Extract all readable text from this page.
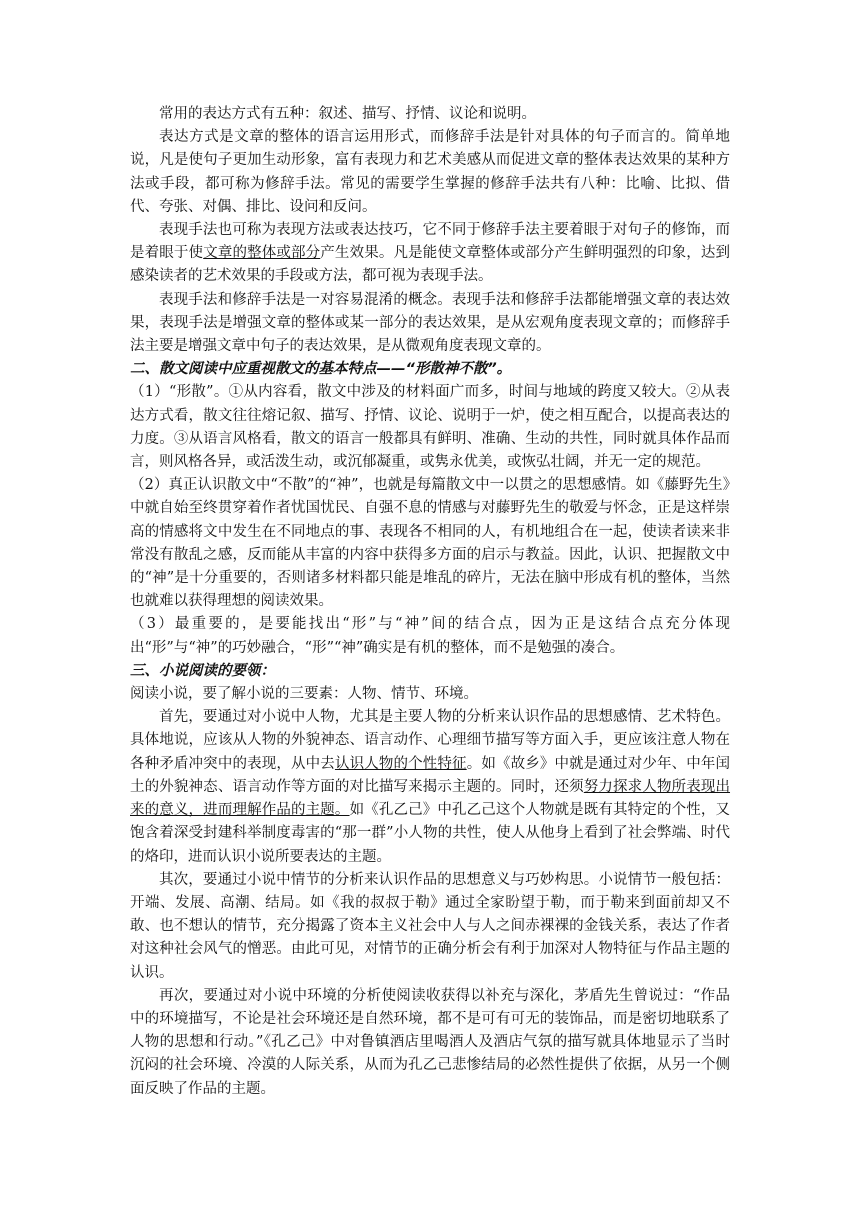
常用的表达方式有五种：叙述、描写、抒情、议论和说明。

表达方式是文章的整体的语言运用形式，而修辞手法是针对具体的句子而言的。简单地说，凡是使句子更加生动形象，富有表现力和艺术美感从而促进文章的整体表达效果的某种方法或手段，都可称为修辞手法。常见的需要学生掌握的修辞手法共有八种：比喻、比拟、借代、夸张、对偶、排比、设问和反问。

表现手法也可称为表现方法或表达技巧，它不同于修辞手法主要着眼于对句子的修饰，而是着眼于使文章的整体或部分产生效果。凡是能使文章整体或部分产生鲜明强烈的印象，达到感染读者的艺术效果的手段或方法，都可视为表现手法。

表现手法和修辞手法是一对容易混淆的概念。表现手法和修辞手法都能增强文章的表达效果，表现手法是增强文章的整体或某一部分的表达效果，是从宏观角度表现文章的；而修辞手法主要是增强文章中句子的表达效果，是从微观角度表现文章的。

二、散文阅读中应重视散文的基本特点——“形散神不散”。

（1）“形散”。①从内容看，散文中涉及的材料面广而多，时间与地域的跨度又较大。②从表达方式看，散文往往熔记叙、描写、抒情、议论、说明于一炉，使之相互配合，以提高表达的力度。③从语言风格看，散文的语言一般都具有鲜明、准确、生动的共性，同时就具体作品而言，则风格各异，或活泼生动，或沉郁凝重，或隽永优美，或恢弘壮阔，并无一定的规范。

（2）真正认识散文中“不散”的“神”，也就是每篇散文中一以贯之的思想感情。如《藤野先生》中就自始至终贯穿着作者忧国忧民、自强不息的情感与对藤野先生的敬爱与怀念，正是这样崇高的情感将文中发生在不同地点的事、表现各不相同的人，有机地组合在一起，使读者读来非常没有散乱之感，反而能从丰富的内容中获得多方面的启示与教益。因此，认识、把握散文中的“神”是十分重要的，否则诸多材料都只能是堆乱的碎片，无法在脑中形成有机的整体，当然也就难以获得理想的阅读效果。

（3）最重要的，是要能找出“形”与“神”间的结合点，因为正是这结合点充分体现出“形”与“神”的巧妙融合，“形”“神”确实是有机的整体，而不是勉强的凑合。

三、小说阅读的要领：

阅读小说，要了解小说的三要素：人物、情节、环境。

首先，要通过对小说中人物，尤其是主要人物的分析来认识作品的思想感情、艺术特色。具体地说，应该从人物的外貌神态、语言动作、心理细节描写等方面入手，更应该注意人物在各种矛盾冲突中的表现，从中去认识人物的个性特征。如《故乡》中就是通过对少年、中年闰土的外貌神态、语言动作等方面的对比描写来揭示主题的。同时，还须努力探求人物所表现出来的意义，进而理解作品的主题。如《孔乙己》中孔乙己这个人物就是既有其特定的个性，又饱含着深受封建科举制度毒害的“那一群”小人物的共性，使人从他身上看到了社会弊端、时代的烙印，进而认识小说所要表达的主题。

其次，要通过小说中情节的分析来认识作品的思想意义与巧妙构思。小说情节一般包括：开端、发展、高潮、结局。如《我的叔叔于勒》通过全家盼望于勒，而于勒来到面前却又不敢、也不想认的情节，充分揭露了资本主义社会中人与人之间赤裸裸的金钱关系，表达了作者对这种社会风气的憎恶。由此可见，对情节的正确分析会有利于加深对人物特征与作品主题的认识。

再次，要通过对小说中环境的分析使阅读收获得以补充与深化，茅盾先生曾说过：“作品中的环境描写，不论是社会环境还是自然环境，都不是可有可无的装饰品，而是密切地联系了人物的思想和行动。”《孔乙己》中对鲁镇酒店里喝酒人及酒店气氛的描写就具体地显示了当时沉闷的社会环境、冷漠的人际关系，从而为孔乙己悲惨结局的必然性提供了依据，从另一个侧面反映了作品的主题。
